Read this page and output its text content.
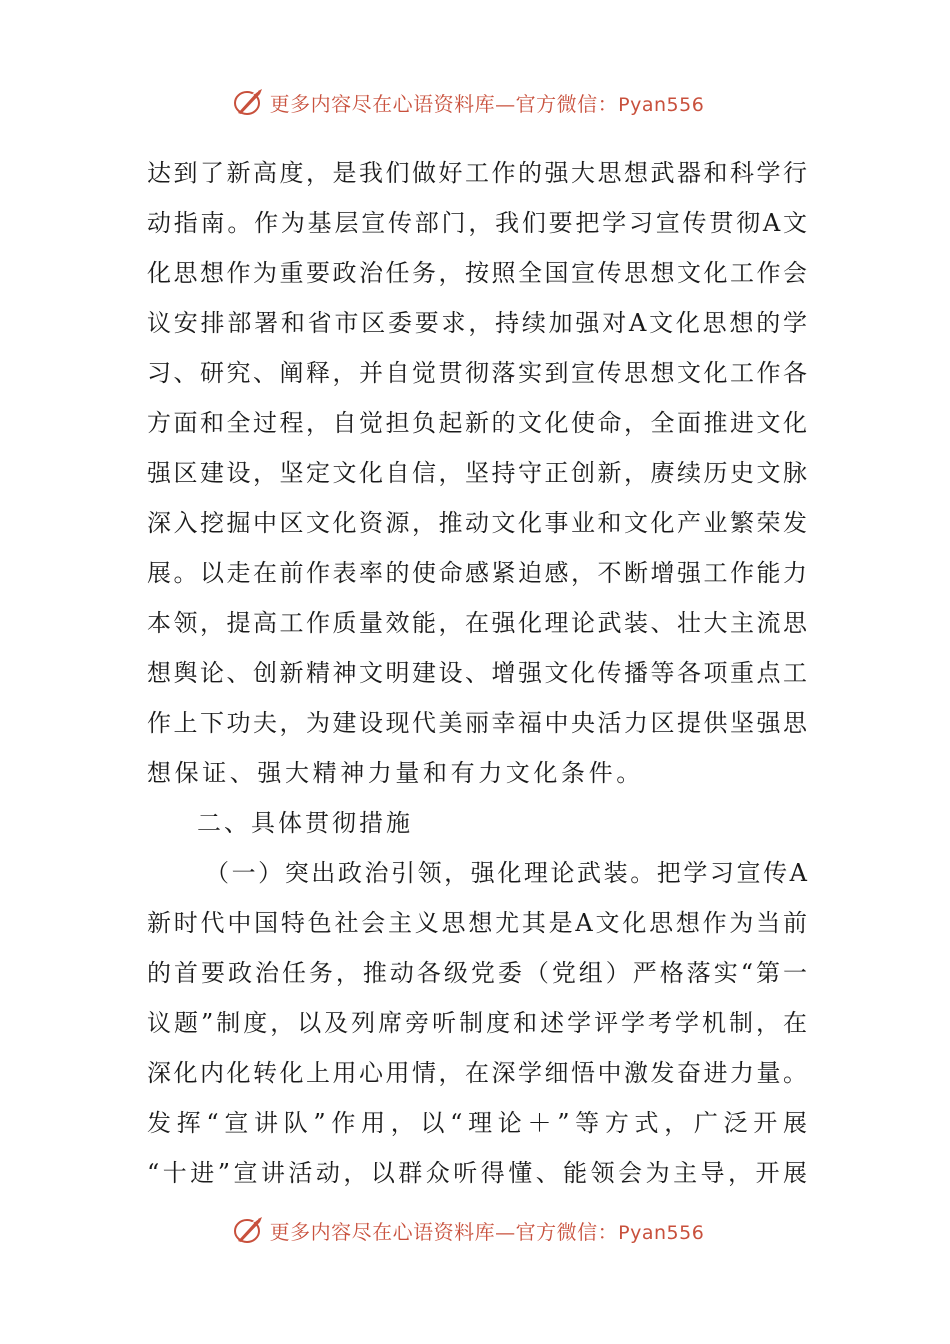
更多内容尽在心语资料库—官方微信：Pyan556
达到了新高度，是我们做好工作的强大思想武器和科学行
动指南。作为基层宣传部门，我们要把学习宣传贯彻A文
化思想作为重要政治任务，按照全国宣传思想文化工作会
议安排部署和省市区委要求，持续加强对A文化思想的学
习、研究、阐释，并自觉贯彻落实到宣传思想文化工作各
方面和全过程，自觉担负起新的文化使命，全面推进文化
强区建设，坚定文化自信，坚持守正创新，赓续历史文脉
深入挖掘中区文化资源，推动文化事业和文化产业繁荣发
展。以走在前作表率的使命感紧迫感，不断增强工作能力
本领，提高工作质量效能，在强化理论武装、壮大主流思
想舆论、创新精神文明建设、增强文化传播等各项重点工
作上下功夫，为建设现代美丽幸福中央活力区提供坚强思
想保证、强大精神力量和有力文化条件。
二、具体贯彻措施
（一）突出政治引领，强化理论武装。把学习宣传A
新时代中国特色社会主义思想尤其是A文化思想作为当前
的首要政治任务，推动各级党委（党组）严格落实“第一
议题”制度，以及列席旁听制度和述学评学考学机制，在
深化内化转化上用心用情，在深学细悟中激发奋进力量。
发挥“宣讲队”作用，以“理论＋”等方式，广泛开展
“十进”宣讲活动，以群众听得懂、能领会为主导，开展
更多内容尽在心语资料库—官方微信：Pyan556
